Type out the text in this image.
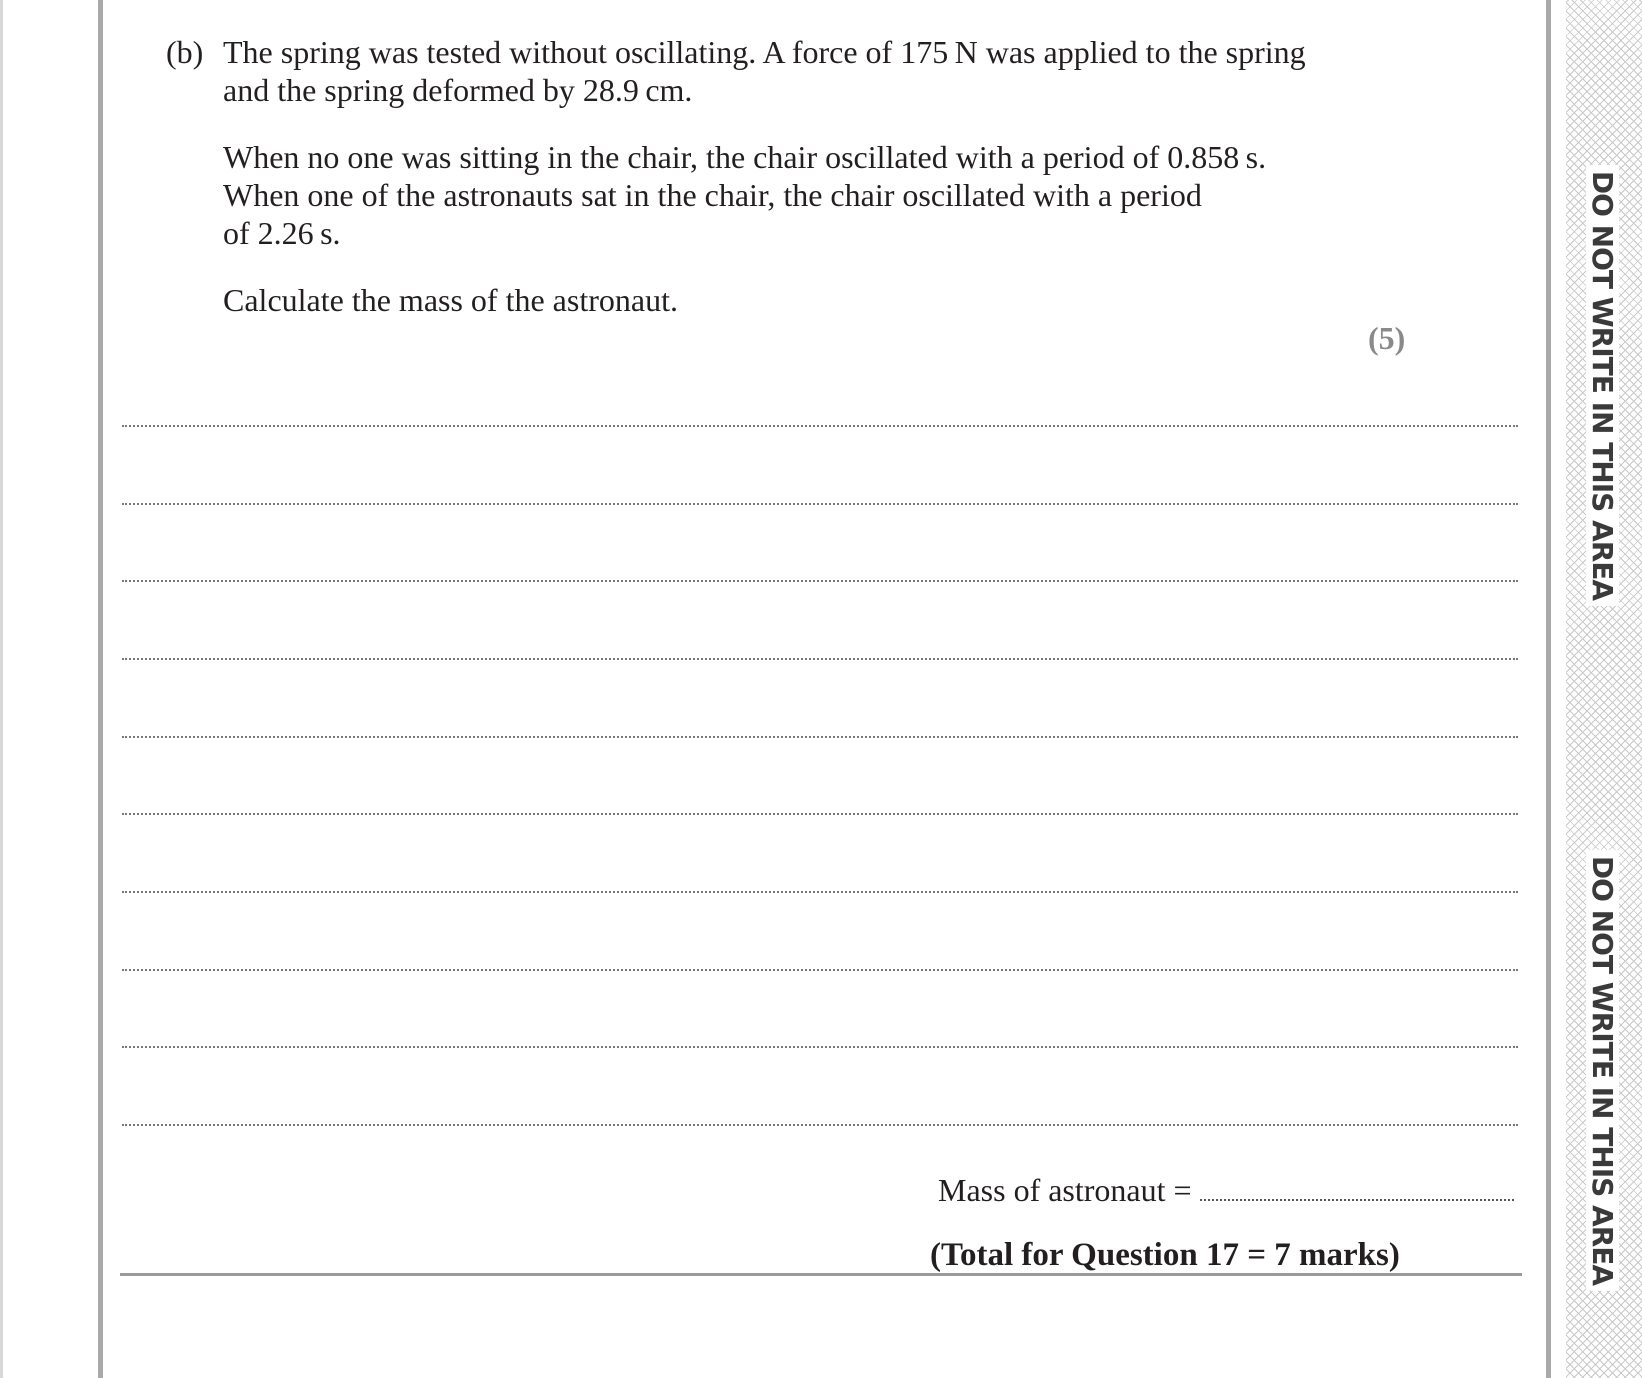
DO NOT WRITE IN THIS AREA
DO NOT WRITE IN THIS AREA
(b) The spring was tested without oscillating. A force of 175 N was applied to the spring
and the spring deformed by 28.9 cm.
When no one was sitting in the chair, the chair oscillated with a period of 0.858 s.
When one of the astronauts sat in the chair, the chair oscillated with a period
of 2.26 s.
Calculate the mass of the astronaut.
(5)
Mass of astronaut =
(Total for Question 17 = 7 marks)
